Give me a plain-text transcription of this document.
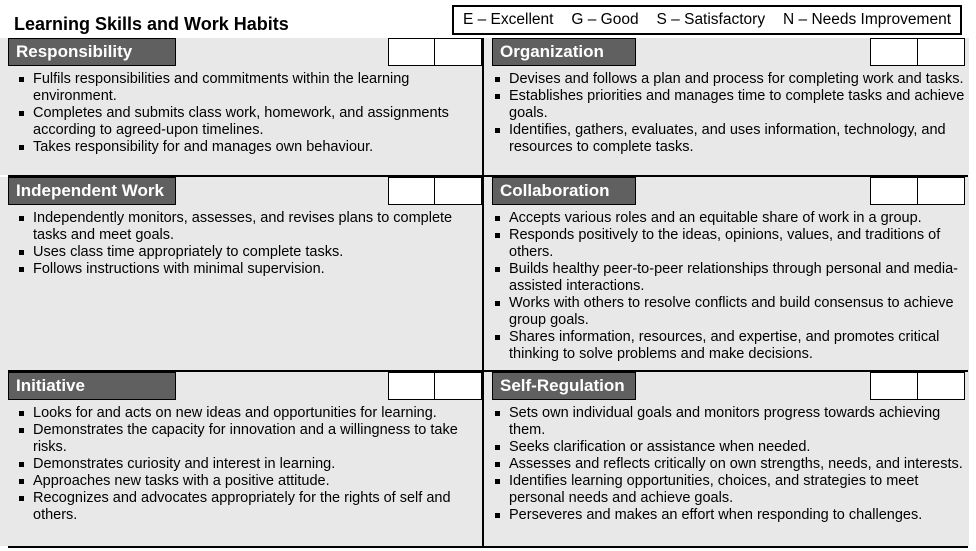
Learning Skills and Work Habits	E – Excellent G – Good S – Satisfactory N – Needs Improvement
Responsibility
Fulfils responsibilities and commitments within the learning environment.
Completes and submits class work, homework, and assignments according to agreed-upon timelines.
Takes responsibility for and manages own behaviour.
Organization
Devises and follows a plan and process for completing work and tasks.
Establishes priorities and manages time to complete tasks and achieve goals.
Identifies, gathers, evaluates, and uses information, technology, and resources to complete tasks.
Independent Work
Independently monitors, assesses, and revises plans to complete tasks and meet goals.
Uses class time appropriately to complete tasks.
Follows instructions with minimal supervision.
Collaboration
Accepts various roles and an equitable share of work in a group.
Responds positively to the ideas, opinions, values, and traditions of others.
Builds healthy peer-to-peer relationships through personal and media-assisted interactions.
Works with others to resolve conflicts and build consensus to achieve group goals.
Shares information, resources, and expertise, and promotes critical thinking to solve problems and make decisions.
Initiative
Looks for and acts on new ideas and opportunities for learning.
Demonstrates the capacity for innovation and a willingness to take risks.
Demonstrates curiosity and interest in learning.
Approaches new tasks with a positive attitude.
Recognizes and advocates appropriately for the rights of self and others.
Self-Regulation
Sets own individual goals and monitors progress towards achieving them.
Seeks clarification or assistance when needed.
Assesses and reflects critically on own strengths, needs, and interests.
Identifies learning opportunities, choices, and strategies to meet personal needs and achieve goals.
Perseveres and makes an effort when responding to challenges.
